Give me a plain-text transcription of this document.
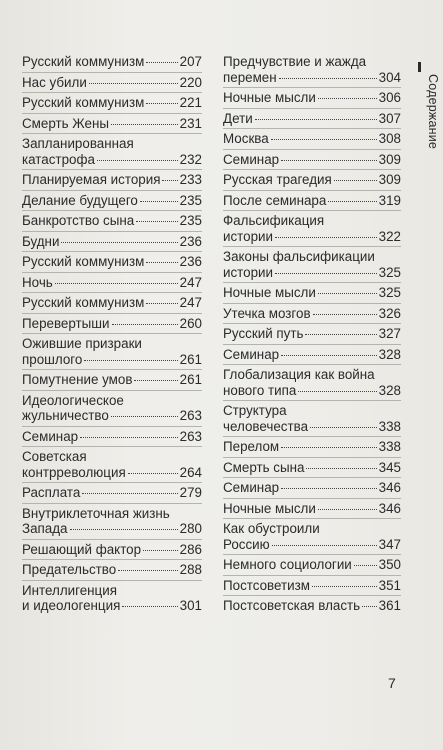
Русский коммунизм	207
Нас убили	220
Русский коммунизм	221
Смерть Жены	231
Запланированная
катастрофа	232
Планируемая история 233
Делание будущего	235
Банкротство сына	235
Будни	236
Русский коммунизм	236
Ночь	247
Русский коммунизм	247
Перевертыши	260
Ожившие призраки
прошлого	261
Помутнение умов	261
Идеологическое
жульничество	263
Семинар	263
Советская
контрреволюция	264
Расплата	279
Внутриклеточная жизнь
Запада	280
Решающий фактор	286
Предательство	288
Интеллигенция
и идеологенция	301
Предчувствие и жажда
перемен	304
Ночные мысли	306
Дети	307
Москва	308
Семинар	309
Русская трагедия	309
После семинара	319
Фальсификация
истории	322
Законы фальсификации
истории	325
Ночные мысли	325
Утечка мозгов	326
Русский путь	327
Семинар	328
Глобализация как война
нового типа	328
Структура
человечества	338
Перелом	338
Смерть сына	345
Семинар	346
Ночные мысли	346
Как обустроили
Россию	347
Немного социологии 350
Постсоветизм	351
Постсоветская власть 361
Содержание
7
